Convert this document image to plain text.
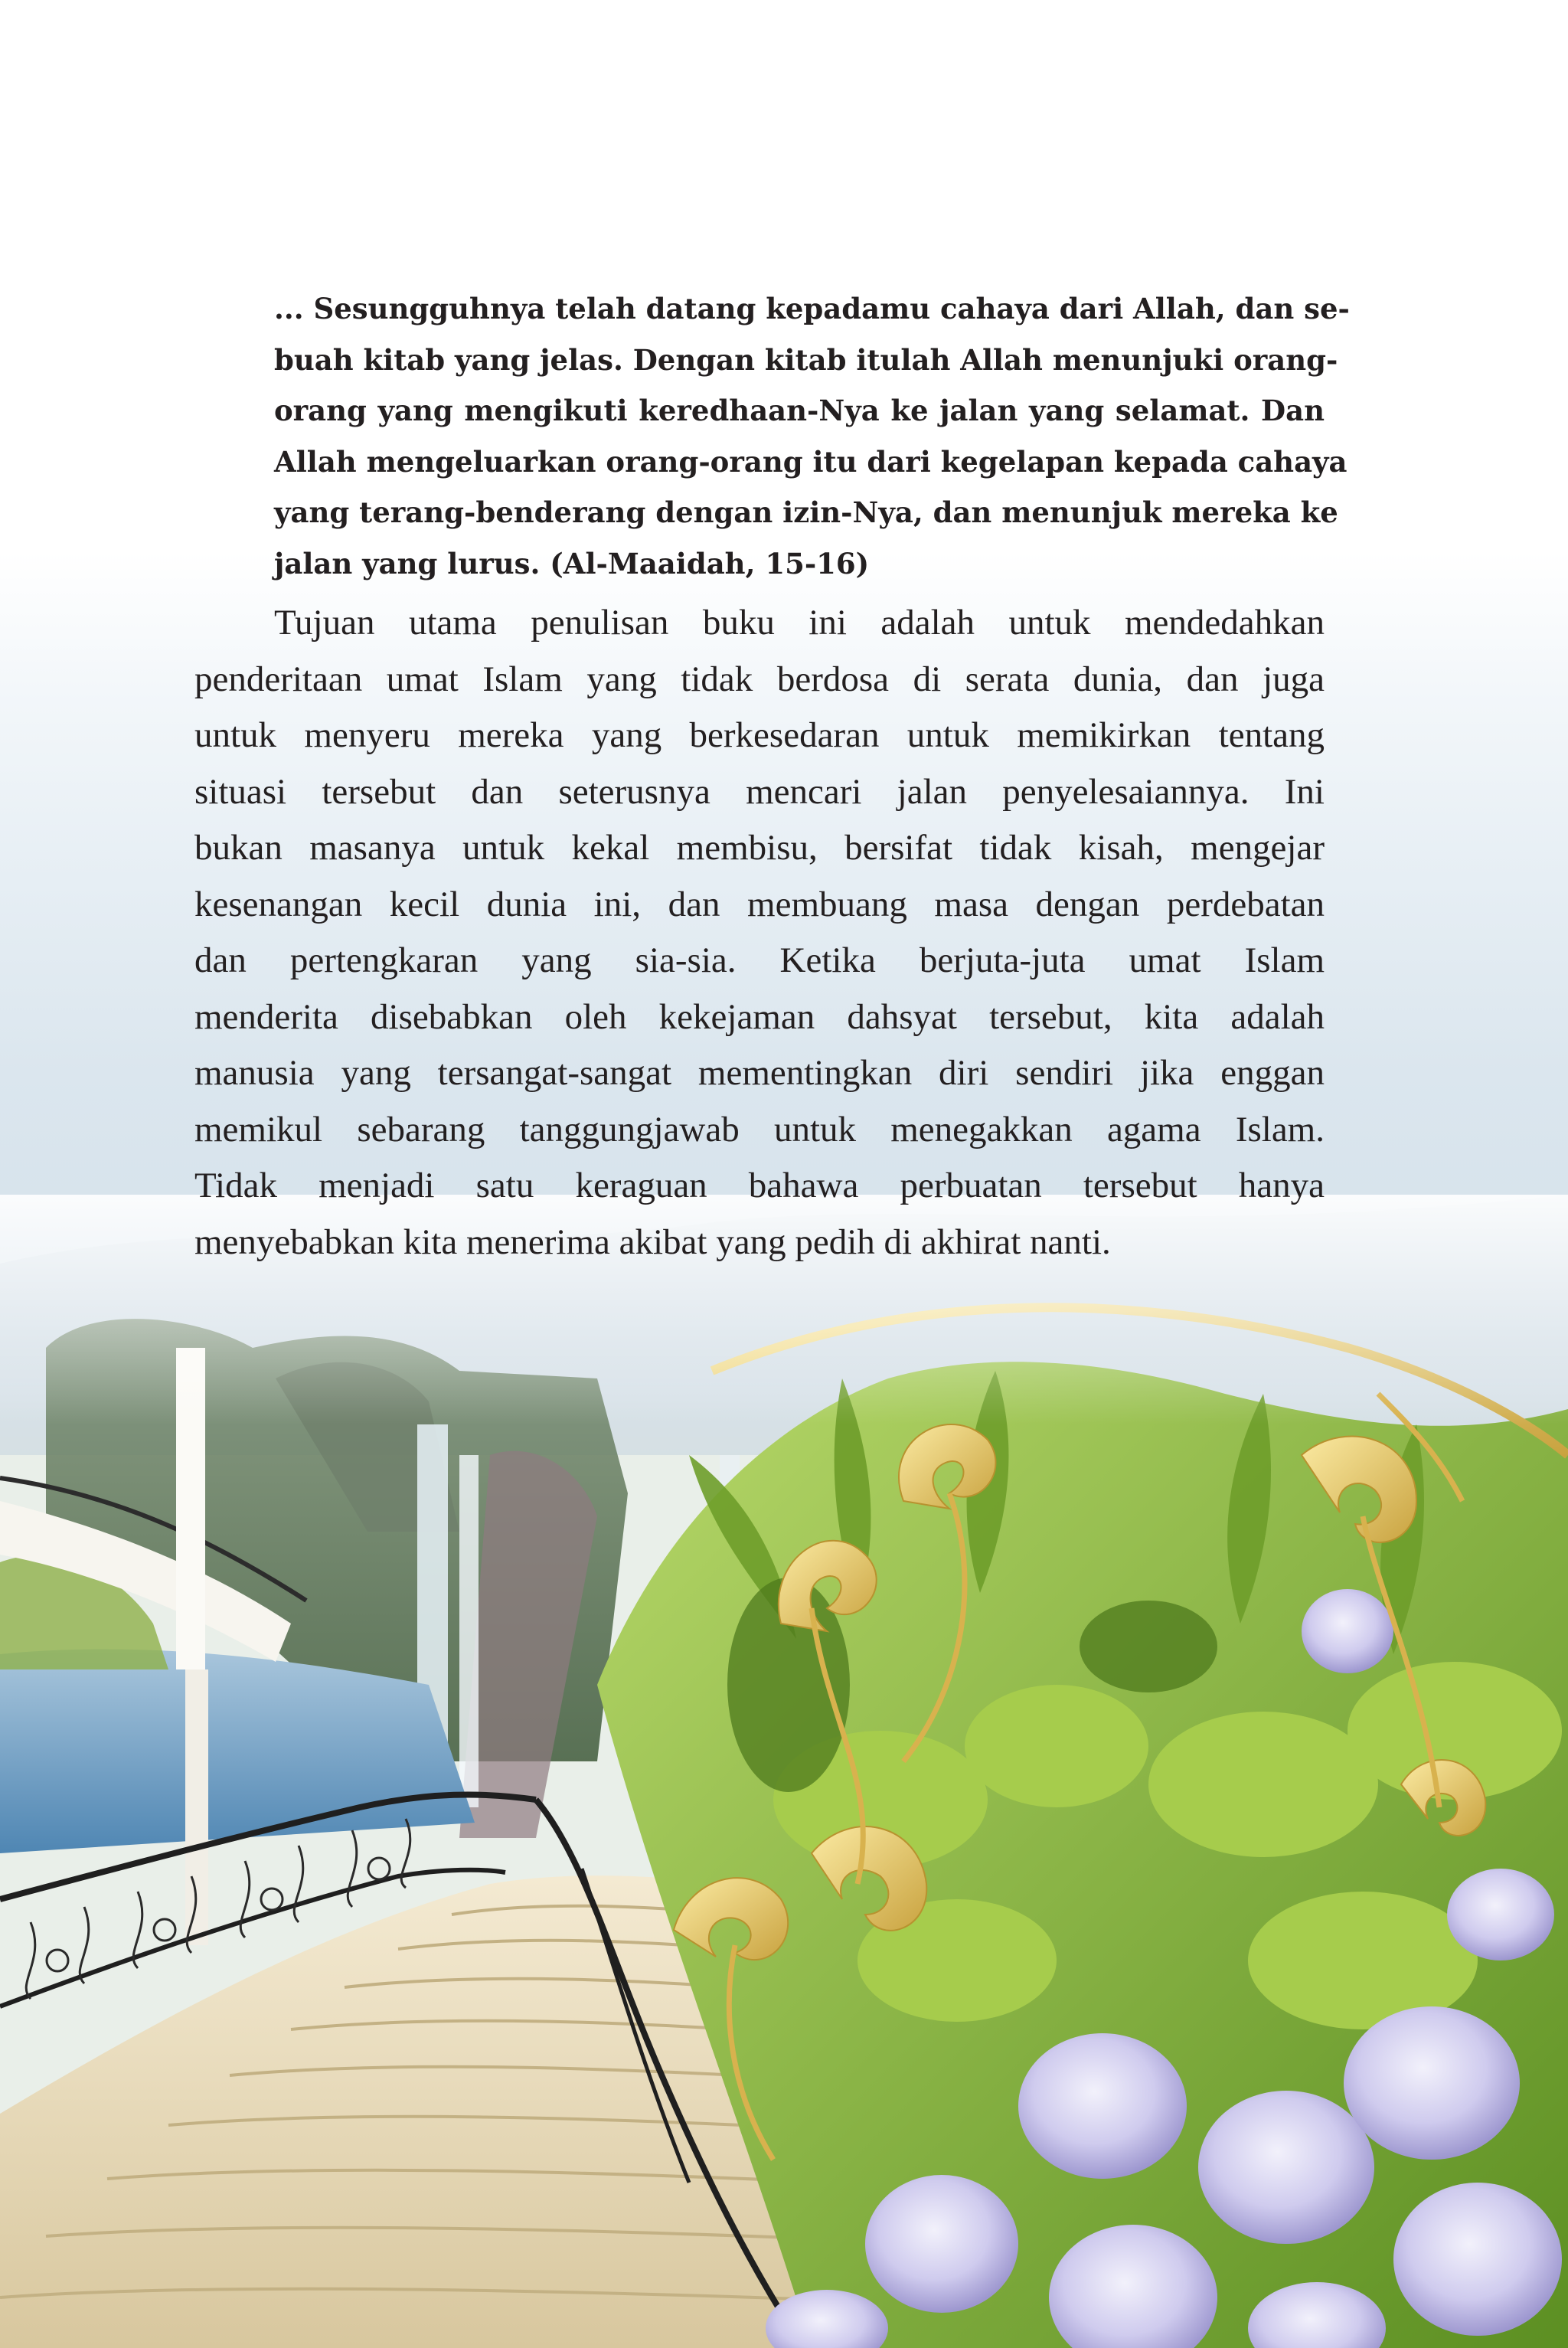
... Sesungguhnya telah datang kepadamu cahaya dari Allah, dan se-
buah kitab yang jelas. Dengan kitab itulah Allah menunjuki orang-
orang yang mengikuti keredhaan-Nya ke jalan yang selamat. Dan
Allah mengeluarkan orang-orang itu dari kegelapan kepada cahaya
yang terang-benderang dengan izin-Nya, dan menunjuk mereka ke
jalan yang lurus. (Al-Maaidah, 15-16)
Tujuan utama penulisan buku ini adalah untuk mendedahkan
penderitaan umat Islam yang tidak berdosa di serata dunia, dan juga
untuk menyeru mereka yang berkesedaran untuk memikirkan tentang
situasi tersebut dan seterusnya mencari jalan penyelesaiannya. Ini
bukan masanya untuk kekal membisu, bersifat tidak kisah, mengejar
kesenangan kecil dunia ini, dan membuang masa dengan perdebatan
dan pertengkaran yang sia-sia. Ketika berjuta-juta umat Islam
menderita disebabkan oleh kekejaman dahsyat tersebut, kita adalah
manusia yang tersangat-sangat mementingkan diri sendiri jika enggan
memikul sebarang tanggungjawab untuk menegakkan agama Islam.
Tidak menjadi satu keraguan bahawa perbuatan tersebut hanya
menyebabkan kita menerima akibat yang pedih di akhirat nanti.
